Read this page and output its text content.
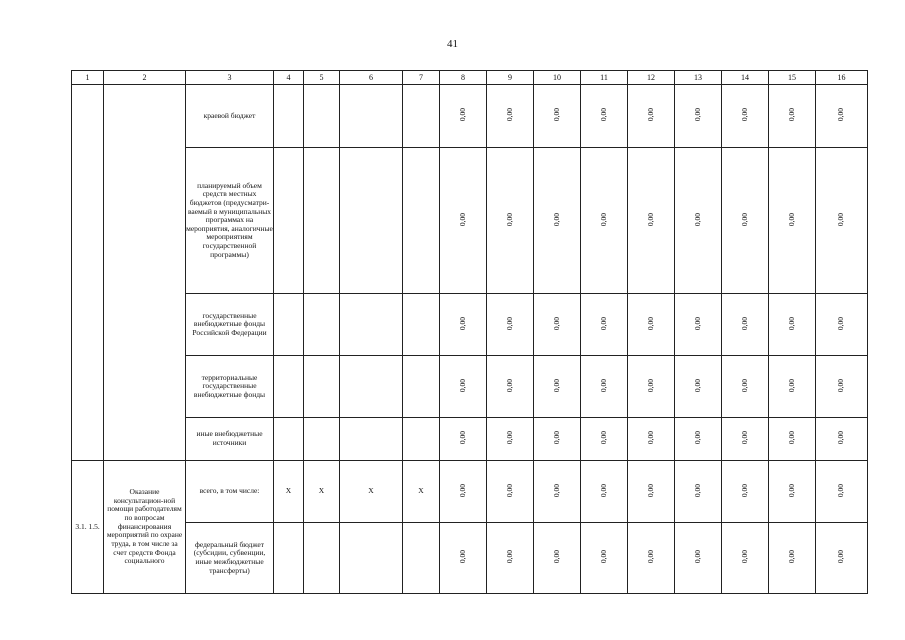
41
1	2	3	4	5	6	7	8	9	10	11	12	13	14	15	16
		краевой бюджет					0,00	0,00	0,00	0,00	0,00	0,00	0,00	0,00	0,00
		планируемый объем средств местных бюджетов (предусматри-ваемый в муниципальных программах на мероприятия, аналогичные мероприятиям государственной программы)					0,00	0,00	0,00	0,00	0,00	0,00	0,00	0,00	0,00
		государственные внебюджетные фонды Российской Федерации					0,00	0,00	0,00	0,00	0,00	0,00	0,00	0,00	0,00
		территориальные государственные внебюджетные фонды					0,00	0,00	0,00	0,00	0,00	0,00	0,00	0,00	0,00
		иные внебюджетные источники					0,00	0,00	0,00	0,00	0,00	0,00	0,00	0,00	0,00
3.1. 1.5.	Оказание консультацион-ной помощи работодателям по вопросам финансирования мероприятий по охране труда, в том числе за счет средств Фонда социального	всего, в том числе:	X	X	X	X	0,00	0,00	0,00	0,00	0,00	0,00	0,00	0,00	0,00
		федеральный бюджет (субсидии, субвенции, иные межбюджетные трансферты)					0,00	0,00	0,00	0,00	0,00	0,00	0,00	0,00	0,00
